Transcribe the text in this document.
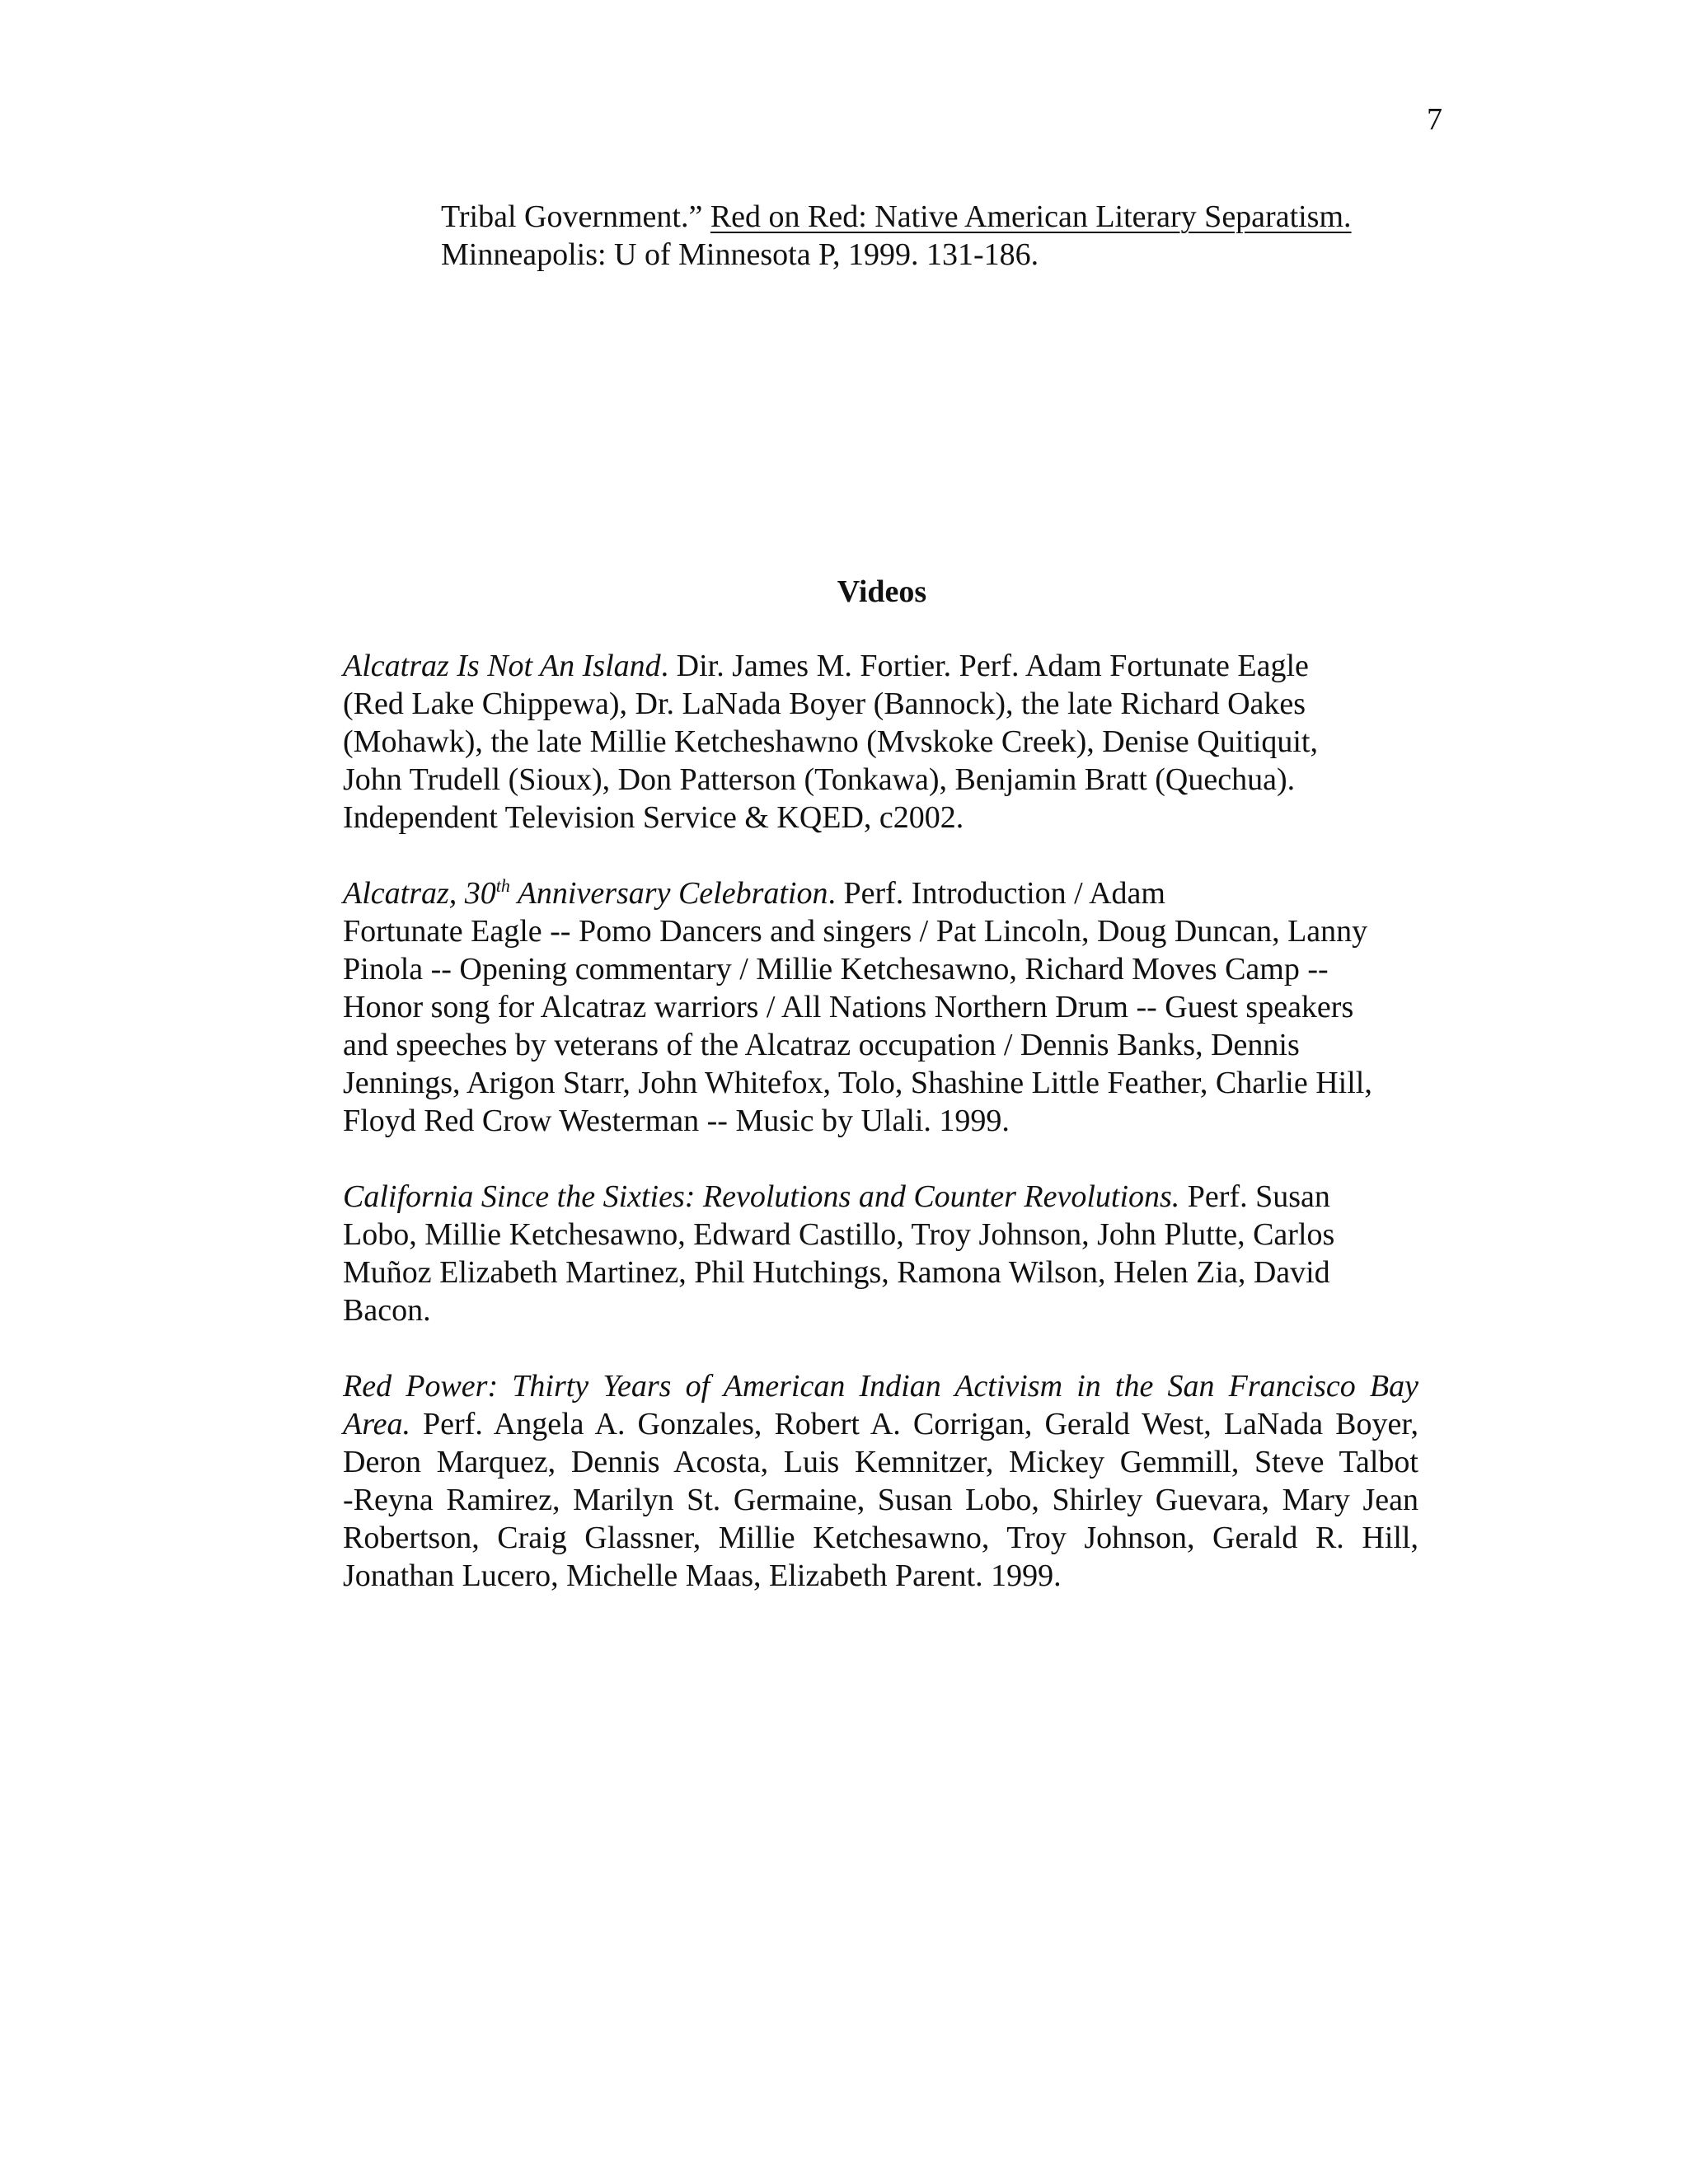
7
Tribal Government.” Red on Red: Native American Literary Separatism.
Minneapolis: U of Minnesota P, 1999. 131-186.
Videos
Alcatraz Is Not An Island. Dir. James M. Fortier. Perf. Adam Fortunate Eagle
(Red Lake Chippewa), Dr. LaNada Boyer (Bannock), the late Richard Oakes
(Mohawk), the late Millie Ketcheshawno (Mvskoke Creek), Denise Quitiquit,
John Trudell (Sioux), Don Patterson (Tonkawa), Benjamin Bratt (Quechua).
Independent Television Service & KQED, c2002.
Alcatraz, 30th Anniversary Celebration. Perf. Introduction / Adam
Fortunate Eagle -- Pomo Dancers and singers / Pat Lincoln, Doug Duncan, Lanny
Pinola -- Opening commentary / Millie Ketchesawno, Richard Moves Camp --
Honor song for Alcatraz warriors / All Nations Northern Drum -- Guest speakers
and speeches by veterans of the Alcatraz occupation / Dennis Banks, Dennis
Jennings, Arigon Starr, John Whitefox, Tolo, Shashine Little Feather, Charlie Hill,
Floyd Red Crow Westerman -- Music by Ulali. 1999.
California Since the Sixties: Revolutions and Counter Revolutions. Perf. Susan
Lobo, Millie Ketchesawno, Edward Castillo, Troy Johnson, John Plutte, Carlos
Muñoz Elizabeth Martinez, Phil Hutchings, Ramona Wilson, Helen Zia, David
Bacon.
Red Power: Thirty Years of American Indian Activism in the San Francisco Bay
Area. Perf. Angela A. Gonzales, Robert A. Corrigan, Gerald West, LaNada Boyer,
Deron Marquez, Dennis Acosta, Luis Kemnitzer, Mickey Gemmill, Steve Talbot
-Reyna Ramirez, Marilyn St. Germaine, Susan Lobo, Shirley Guevara, Mary Jean
Robertson, Craig Glassner, Millie Ketchesawno, Troy Johnson, Gerald R. Hill,
Jonathan Lucero, Michelle Maas, Elizabeth Parent. 1999.
